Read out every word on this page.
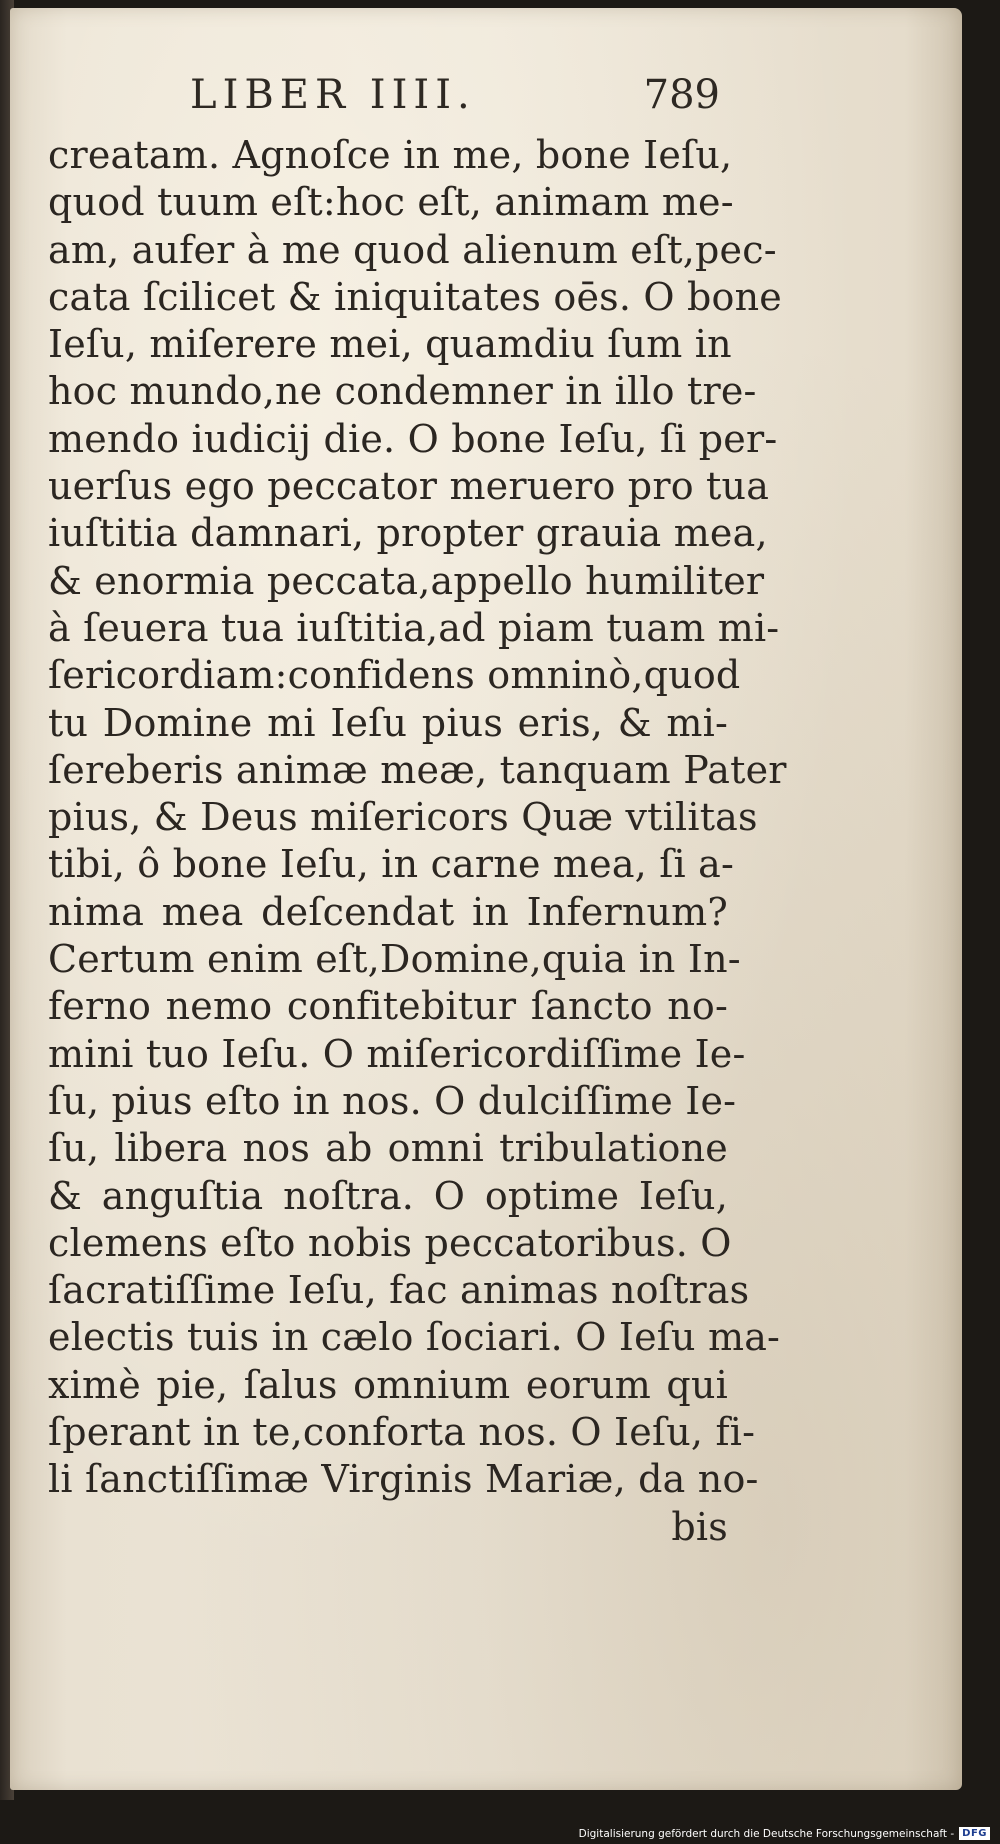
LIBER IIII.	789
creatam. Agnoſce in me, bone Ieſu,
quod tuum eſt:hoc eſt, animam me-
am, aufer à me quod alienum eſt,pec-
cata ſcilicet & iniquitates oēs. O bone
Ieſu, miſerere mei, quamdiu ſum in
hoc mundo,ne condemner in illo tre-
mendo iudicij die. O bone Ieſu, ſi per-
uerſus ego peccator meruero pro tua
iuſtitia damnari, propter grauia mea,
& enormia peccata,appello humiliter
à ſeuera tua iuſtitia,ad piam tuam mi-
ſericordiam:confidens omninò,quod
tu Domine mi Ieſu pius eris, & mi-
ſereberis animæ meæ, tanquam Pater
pius, & Deus miſericors Quæ vtilitas
tibi, ô bone Ieſu, in carne mea, ſi a-
nima mea deſcendat in Infernum?
Certum enim eſt,Domine,quia in In-
ferno nemo confitebitur ſancto no-
mini tuo Ieſu. O miſericordiſſime Ie-
ſu, pius eſto in nos. O dulciſſime Ie-
ſu, libera nos ab omni tribulatione
& anguſtia noſtra. O optime Ieſu,
clemens eſto nobis peccatoribus. O
ſacratiſſime Ieſu, fac animas noſtras
electis tuis in cælo ſociari. O Ieſu ma-
ximè pie, ſalus omnium eorum qui
ſperant in te,conforta nos. O Ieſu, fi-
li ſanctiſſimæ Virginis Mariæ, da no-
bis
Digitalisierung gefördert durch die Deutsche Forschungsgemeinschaft - DFG
